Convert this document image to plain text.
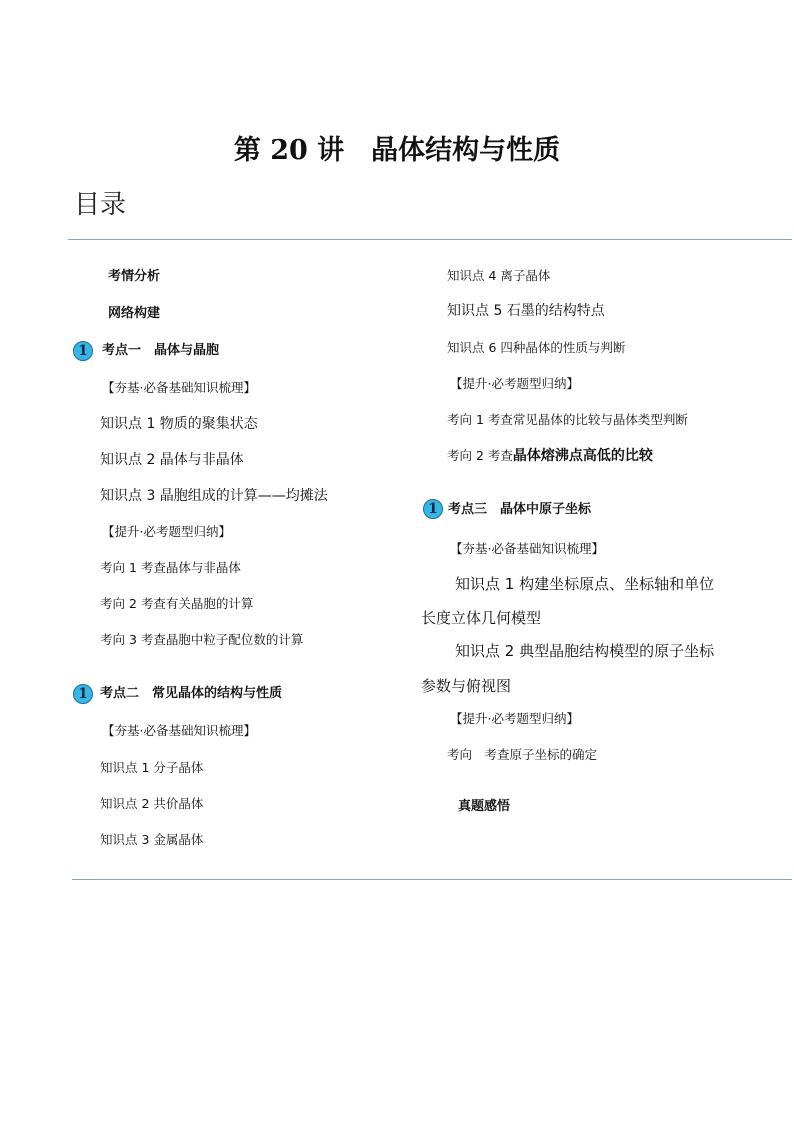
第 20 讲　晶体结构与性质
目录
考情分析
网络构建
1	考点一　晶体与晶胞
【夯基·必备基础知识梳理】
知识点 1 物质的聚集状态
知识点 2 晶体与非晶体
知识点 3 晶胞组成的计算——均摊法
【提升·必考题型归纳】
考向 1 考查晶体与非晶体
考向 2 考查有关晶胞的计算
考向 3 考查晶胞中粒子配位数的计算
1 考点二　常见晶体的结构与性质
【夯基·必备基础知识梳理】
知识点 1 分子晶体
知识点 2 共价晶体
知识点 3 金属晶体
知识点 4 离子晶体
知识点 5 石墨的结构特点
知识点 6 四种晶体的性质与判断
【提升·必考题型归纳】
考向 1 考查常见晶体的比较与晶体类型判断
考向 2 考查晶体熔沸点高低的比较
1 考点三　晶体中原子坐标
【夯基·必备基础知识梳理】
知识点 1 构建坐标原点、坐标轴和单位
长度立体几何模型
知识点 2 典型晶胞结构模型的原子坐标
参数与俯视图
【提升·必考题型归纳】
考向　考查原子坐标的确定
真题感悟
